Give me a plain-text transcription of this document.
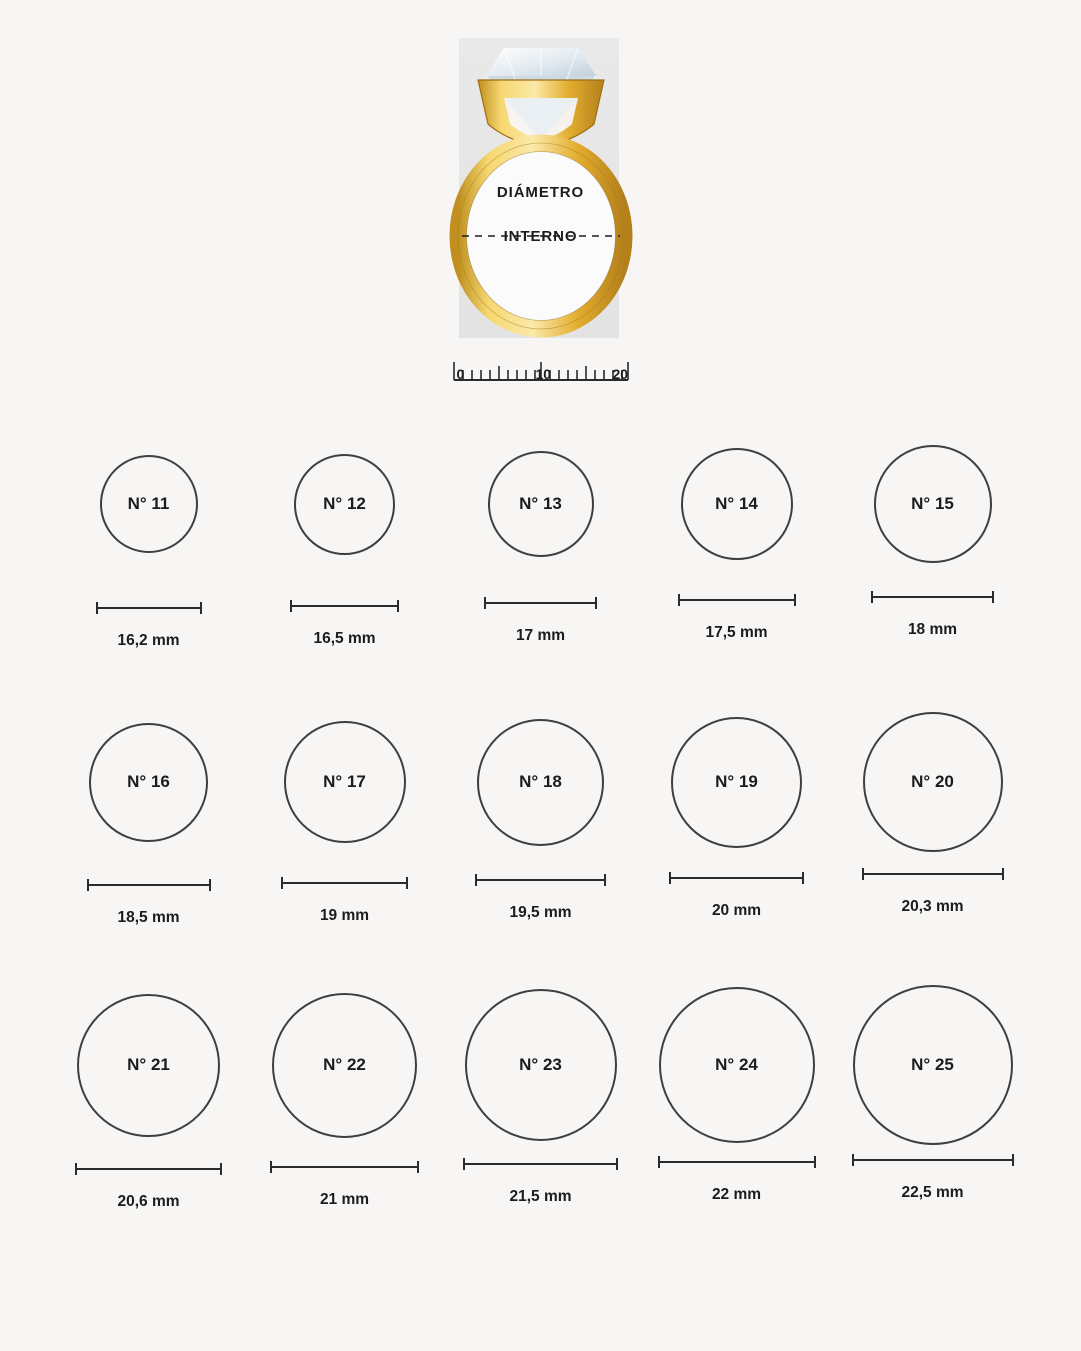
DIÁMETRO
INTERNO
0	10	20
N° 11
16,2 mm
N° 12
16,5 mm
N° 13
17 mm
N° 14
17,5 mm
N° 15
18 mm
N° 16
18,5 mm
N° 17
19 mm
N° 18
19,5 mm
N° 19
20 mm
N° 20
20,3 mm
N° 21
20,6 mm
N° 22
21 mm
N° 23
21,5 mm
N° 24
22 mm
N° 25
22,5 mm
